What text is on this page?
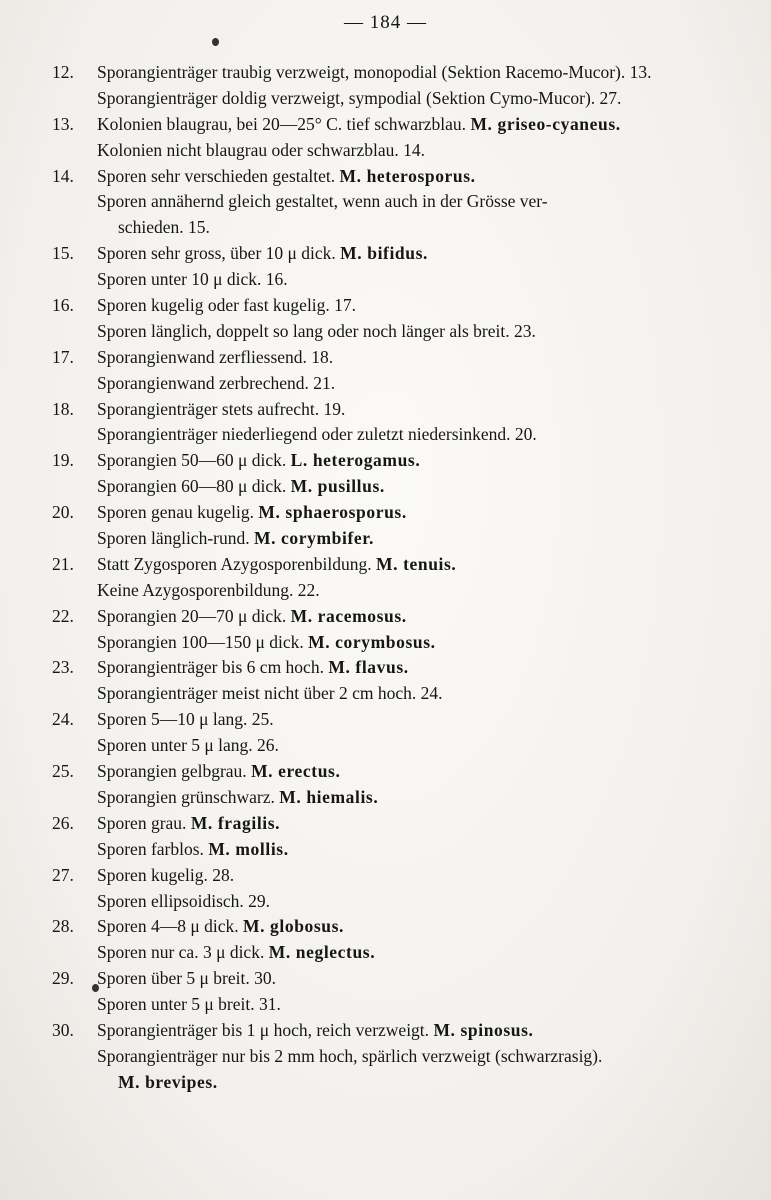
— 184 —
12.	Sporangienträger traubig verzweigt, monopodial (Sektion Racemo-Mucor). 13.
Sporangienträger doldig verzweigt, sympodial (Sektion Cymo-Mucor). 27.
13.	Kolonien blaugrau, bei 20—25° C. tief schwarzblau. M. griseo-cyaneus.
Kolonien nicht blaugrau oder schwarzblau. 14.
14.	Sporen sehr verschieden gestaltet. M. heterosporus.
Sporen annähernd gleich gestaltet, wenn auch in der Grösse ver-
schieden. 15.
15.	Sporen sehr gross, über 10 μ dick. M. bifidus.
Sporen unter 10 μ dick. 16.
16.	Sporen kugelig oder fast kugelig. 17.
Sporen länglich, doppelt so lang oder noch länger als breit. 23.
17.	Sporangienwand zerfliessend. 18.
Sporangienwand zerbrechend. 21.
18.	Sporangienträger stets aufrecht. 19.
Sporangienträger niederliegend oder zuletzt niedersinkend. 20.
19.	Sporangien 50—60 μ dick. L. heterogamus.
Sporangien 60—80 μ dick. M. pusillus.
20.	Sporen genau kugelig. M. sphaerosporus.
Sporen länglich-rund. M. corymbifer.
21.	Statt Zygosporen Azygosporenbildung. M. tenuis.
Keine Azygosporenbildung. 22.
22.	Sporangien 20—70 μ dick. M. racemosus.
Sporangien 100—150 μ dick. M. corymbosus.
23.	Sporangienträger bis 6 cm hoch. M. flavus.
Sporangienträger meist nicht über 2 cm hoch. 24.
24.	Sporen 5—10 μ lang. 25.
Sporen unter 5 μ lang. 26.
25.	Sporangien gelbgrau. M. erectus.
Sporangien grünschwarz. M. hiemalis.
26.	Sporen grau. M. fragilis.
Sporen farblos. M. mollis.
27.	Sporen kugelig. 28.
Sporen ellipsoidisch. 29.
28.	Sporen 4—8 μ dick. M. globosus.
Sporen nur ca. 3 μ dick. M. neglectus.
29.	Sporen über 5 μ breit. 30.
Sporen unter 5 μ breit. 31.
30.	Sporangienträger bis 1 μ hoch, reich verzweigt. M. spinosus.
Sporangienträger nur bis 2 mm hoch, spärlich verzweigt (schwarzrasig).
M. brevipes.
